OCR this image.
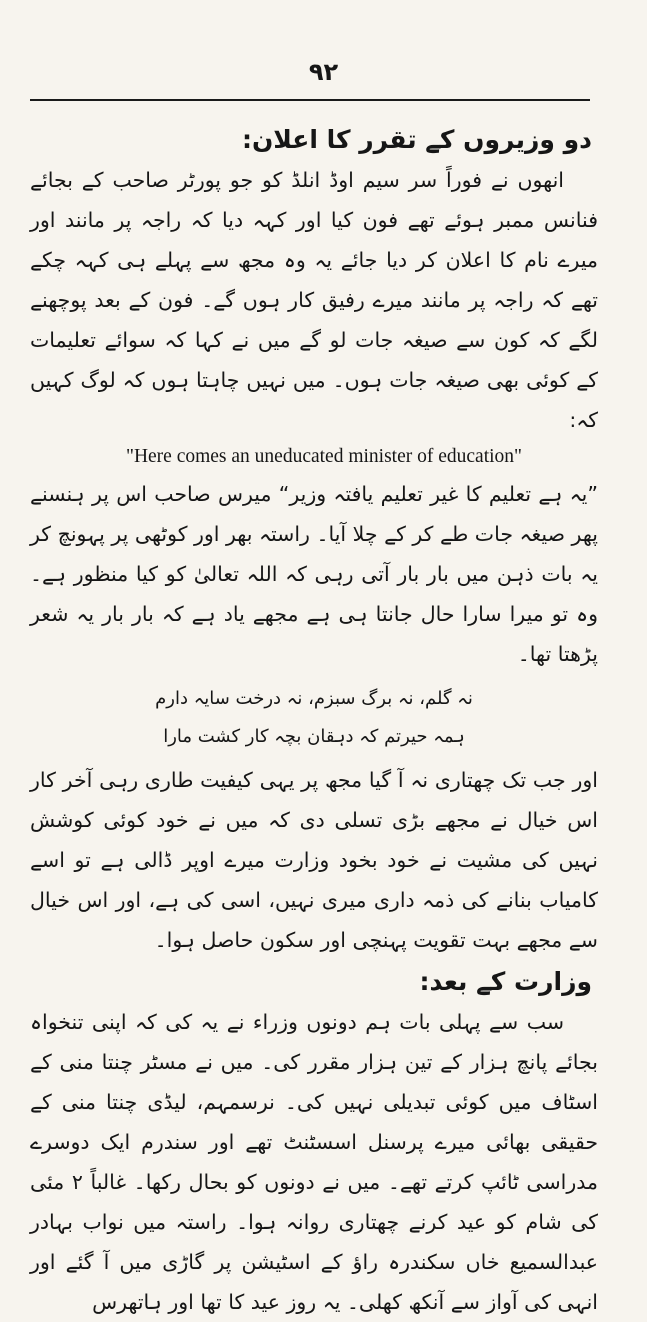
۹۲
دو وزیروں کے تقرر کا اعلان:

انھوں نے فوراً سر سیم اوڈ انلڈ کو جو پورٹر صاحب کے بجائے فنانس ممبر ہوئے تھے فون کیا اور کہہ دیا کہ راجہ پر مانند اور میرے نام کا اعلان کر دیا جائے یہ وہ مجھ سے پہلے ہی کہہ چکے تھے کہ راجہ پر مانند میرے رفیق کار ہوں گے۔ فون کے بعد پوچھنے لگے کہ کون سے صیغہ جات لو گے میں نے کہا کہ سوائے تعلیمات کے کوئی بھی صیغہ جات ہوں۔ میں نہیں چاہتا ہوں کہ لوگ کہیں کہ:

"Here comes an uneducated minister of education"

”یہ ہے تعلیم کا غیر تعلیم یافتہ وزیر“ میرس صاحب اس پر ہنسنے پھر صیغہ جات طے کر کے چلا آیا۔ راستہ بھر اور کوٹھی پر پہونچ کر یہ بات ذہن میں بار بار آتی رہی کہ اللہ تعالیٰ کو کیا منظور ہے۔ وہ تو میرا سارا حال جانتا ہی ہے مجھے یاد ہے کہ بار بار یہ شعر پڑھتا تھا۔

نہ گلم، نہ برگ سبزم، نہ درخت سایہ دارم

ہمہ حیرتم کہ دہقان بچہ کار کشت مارا

اور جب تک چھتاری نہ آ گیا مجھ پر یہی کیفیت طاری رہی آخر کار اس خیال نے مجھے بڑی تسلی دی کہ میں نے خود کوئی کوشش نہیں کی مشیت نے خود بخود وزارت میرے اوپر ڈالی ہے تو اسے کامیاب بنانے کی ذمہ داری میری نہیں، اسی کی ہے، اور اس خیال سے مجھے بہت تقویت پہنچی اور سکون حاصل ہوا۔

وزارت کے بعد:

سب سے پہلی بات ہم دونوں وزراء نے یہ کی کہ اپنی تنخواہ بجائے پانچ ہزار کے تین ہزار مقرر کی۔ میں نے مسٹر چنتا منی کے اسٹاف میں کوئی تبدیلی نہیں کی۔ نرسمہم، لیڈی چنتا منی کے حقیقی بھائی میرے پرسنل اسسٹنٹ تھے اور سندرم ایک دوسرے مدراسی ٹائپ کرتے تھے۔ میں نے دونوں کو بحال رکھا۔ غالباً ۲ مئی کی شام کو عید کرنے چھتاری روانہ ہوا۔ راستہ میں نواب بہادر عبدالسمیع خاں سکندرہ راؤ کے اسٹیشن پر گاڑی میں آ گئے اور انہی کی آواز سے آنکھ کھلی۔ یہ روز عید کا تھا اور ہاتھرس
